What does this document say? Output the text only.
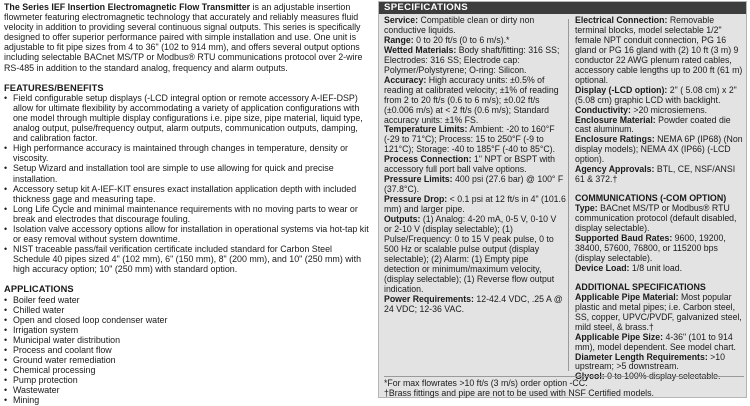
The Series IEF Insertion Electromagnetic Flow Transmitter is an adjustable insertion flowmeter featuring electromagnetic technology that accurately and reliably measures fluid velocity in addition to providing several continuous signal outputs. This series is specifically designed to offer superior performance paired with simple installation and use. One unit is adjustable to fit pipe sizes from 4 to 36" (102 to 914 mm), and offers several output options including selectable BACnet MS/TP or Modbus® RTU communications protocol over 2-wire RS-485 in addition to the standard analog, frequency and alarm outputs.

FEATURES/BENEFITS
• Field configurable setup displays (-LCD integral option or remote accessory A-IEF-DSP) allow for ultimate flexibility by accommodating a variety of application configurations with one model through multiple display configurations i.e. pipe size, pipe material, liquid type, analog output, pulse/frequency output, alarm outputs, communication outputs, damping, and calibration factor.
• High performance accuracy is maintained through changes in temperature, density or viscosity.
• Setup Wizard and installation tool are simple to use allowing for quick and precise installation.
• Accessory setup kit A-IEF-KIT ensures exact installation application depth with included thickness gage and measuring tape.
• Long Life Cycle and minimal maintenance requirements with no moving parts to wear or break and electrodes that discourage fouling.
• Isolation valve accessory options allow for installation in operational systems via hot-tap kit or easy removal without system downtime.
• NIST traceable pass/fail verification certificate included standard for Carbon Steel Schedule 40 pipes sized 4" (102 mm), 6" (150 mm), 8" (200 mm), and 10" (250 mm) with high accuracy option; 10" (250 mm) with standard option.
APPLICATIONS
• Boiler feed water
• Chilled water
• Open and closed loop condenser water
• Irrigation system
• Municipal water distribution
• Process and coolant flow
• Ground water remediation
• Chemical processing
• Pump protection
• Wastewater
• Mining
SPECIFICATIONS

Service: Compatible clean or dirty non conductive liquids.

Range: 0 to 20 ft/s (0 to 6 m/s).*

Wetted Materials: Body shaft/fitting: 316 SS; Electrodes: 316 SS; Electrode cap: Polymer/Polystyrene; O-ring: Silicon.

Accuracy: High accuracy units: ±0.5% of reading at calibrated velocity; ±1% of reading from 2 to 20 ft/s (0.6 to 6 m/s); ±0.02 ft/s (±0.006 m/s) at < 2 ft/s (0.6 m/s); Standard accuracy units: ±1% FS.

Temperature Limits: Ambient: -20 to 160°F (-29 to 71°C); Process: 15 to 250°F (-9 to 121°C); Storage: -40 to 185°F (-40 to 85°C).

Process Connection: 1" NPT or BSPT with accessory full port ball valve options.

Pressure Limits: 400 psi (27.6 bar) @ 100° F (37.8°C).

Pressure Drop: < 0.1 psi at 12 ft/s in 4" (101.6 mm) and larger pipe.

Outputs: (1) Analog: 4-20 mA, 0-5 V, 0-10 V or 2-10 V (display selectable); (1) Pulse/Frequency: 0 to 15 V peak pulse, 0 to 500 Hz or scalable pulse output (display selectable); (2) Alarm: (1) Empty pipe detection or minimum/maximum velocity, (display selectable); (1) Reverse flow output indication.

Power Requirements: 12-42.4 VDC, .25 A @ 24 VDC; 12-36 VAC.

Electrical Connection: Removable terminal blocks, model selectable 1/2" female NPT conduit connection, PG 16 gland or PG 16 gland with (2) 10 ft (3 m) 9 conductor 22 AWG plenum rated cables, accessory cable lengths up to 200 ft (61 m) optional.

Display (-LCD option): 2" ( 5.08 cm) x 2" (5.08 cm) graphic LCD with backlight.

Conductivity: >20 microsiemens.

Enclosure Material: Powder coated die cast aluminum.

Enclosure Ratings: NEMA 6P (IP68) (Non display models); NEMA 4X (IP66) (-LCD option).

Agency Approvals: BTL, CE, NSF/ANSI 61 & 372.†

COMMUNICATIONS (-COM OPTION)

Type: BACnet MS/TP or Modbus® RTU communication protocol (default disabled, display selectable).

Supported Baud Rates: 9600, 19200, 38400, 57600, 76800, or 115200 bps (display selectable).

Device Load: 1/8 unit load.

ADDITIONAL SPECIFICATIONS

Applicable Pipe Material: Most popular plastic and metal pipes; i.e. Carbon steel, SS, copper, UPVC/PVDF, galvanized steel, mild steel, & brass.†

Applicable Pipe Size: 4-36" (101 to 914 mm), model dependent. See model chart.

Diameter Length Requirements: >10 upstream; >5 downstream.

Glycol: 0 to 100% display selectable.

*For max flowrates >10 ft/s (3 m/s) order option -CC.

†Brass fittings and pipe are not to be used with NSF Certified models.
